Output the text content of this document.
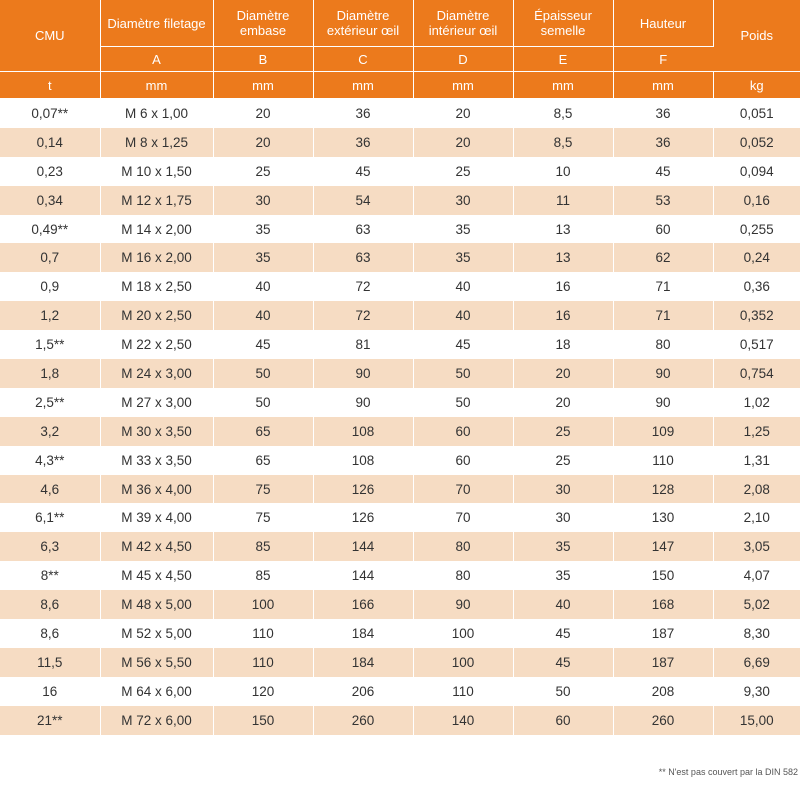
CMU	Diamètre filetage	Diamètre embase	Diamètre extérieur œil	Diamètre intérieur œil	Épaisseur semelle	Hauteur	Poids
	A	B	C	D	E	F	
t	mm	mm	mm	mm	mm	mm	kg
0,07**	M 6 x 1,00	20	36	20	8,5	36	0,051
0,14	M 8 x 1,25	20	36	20	8,5	36	0,052
0,23	M 10 x 1,50	25	45	25	10	45	0,094
0,34	M 12 x 1,75	30	54	30	11	53	0,16
0,49**	M 14 x 2,00	35	63	35	13	60	0,255
0,7	M 16 x 2,00	35	63	35	13	62	0,24
0,9	M 18 x 2,50	40	72	40	16	71	0,36
1,2	M 20 x 2,50	40	72	40	16	71	0,352
1,5**	M 22 x 2,50	45	81	45	18	80	0,517
1,8	M 24 x 3,00	50	90	50	20	90	0,754
2,5**	M 27 x 3,00	50	90	50	20	90	1,02
3,2	M 30 x 3,50	65	108	60	25	109	1,25
4,3**	M 33 x 3,50	65	108	60	25	110	1,31
4,6	M 36 x 4,00	75	126	70	30	128	2,08
6,1**	M 39 x 4,00	75	126	70	30	130	2,10
6,3	M 42 x 4,50	85	144	80	35	147	3,05
8**	M 45 x 4,50	85	144	80	35	150	4,07
8,6	M 48 x 5,00	100	166	90	40	168	5,02
8,6	M 52 x 5,00	110	184	100	45	187	8,30
11,5	M 56 x 5,50	110	184	100	45	187	6,69
16	M 64 x 6,00	120	206	110	50	208	9,30
21**	M 72 x 6,00	150	260	140	60	260	15,00
** N'est pas couvert par la DIN 582
